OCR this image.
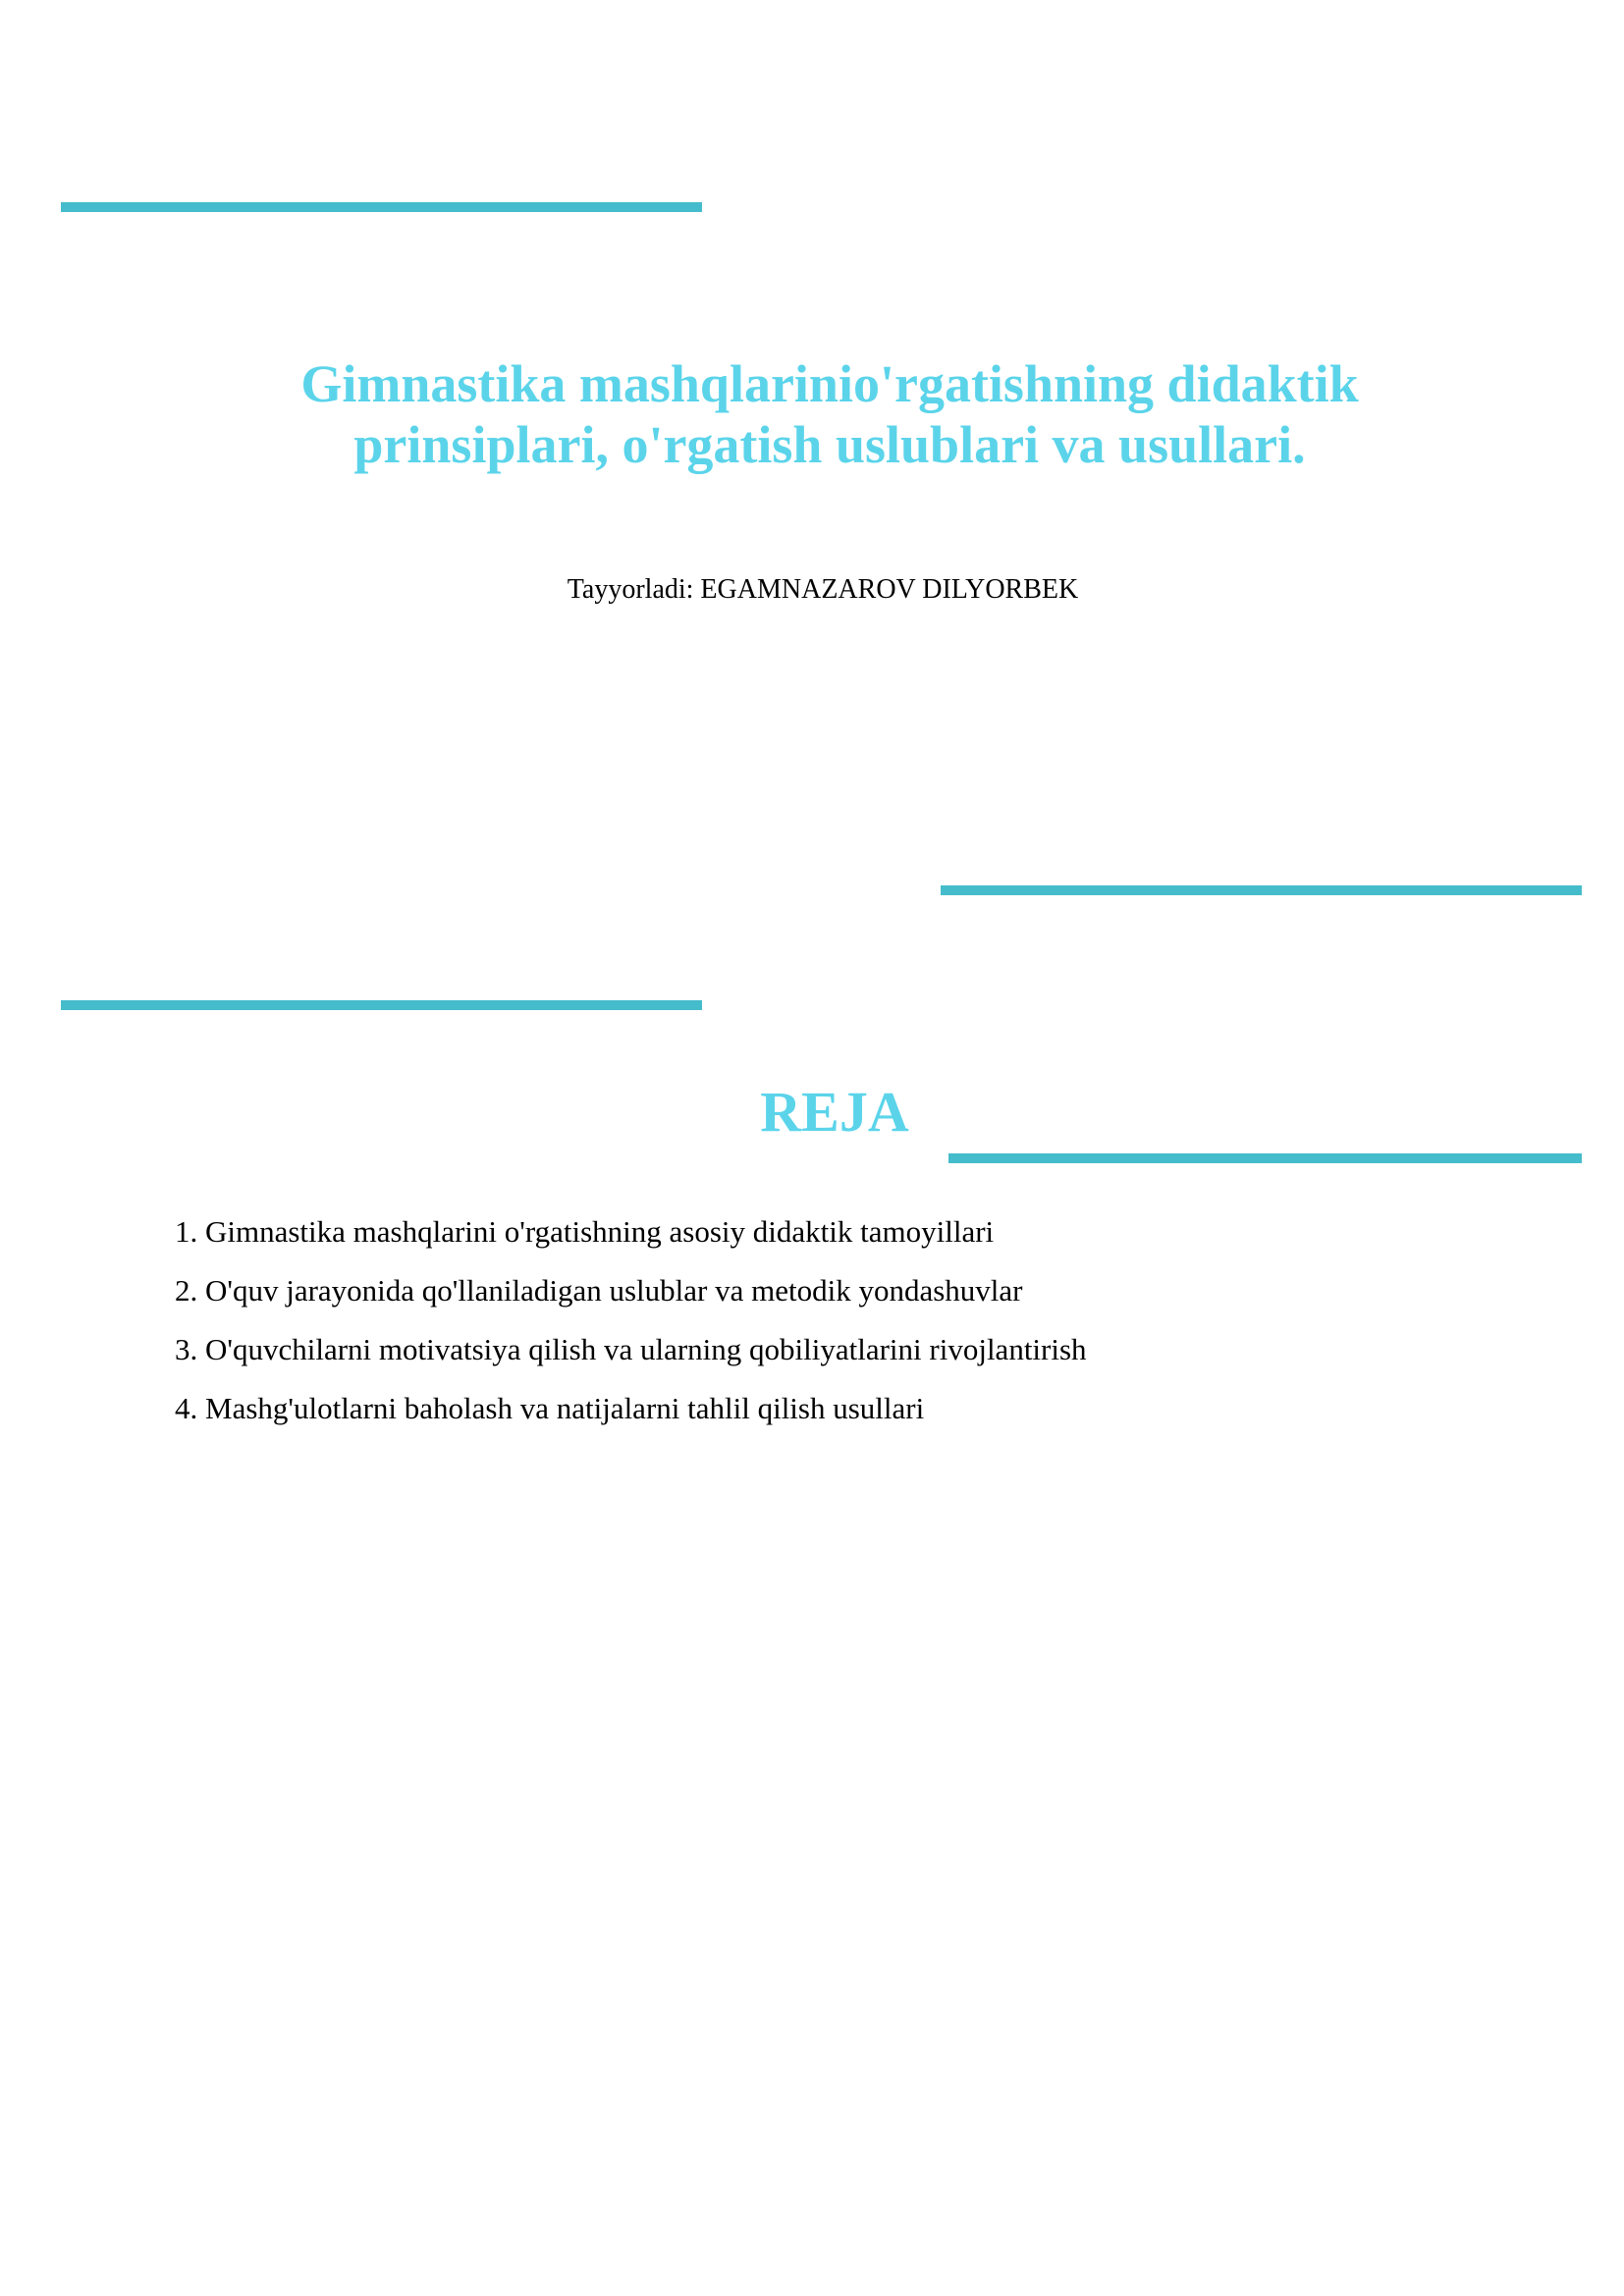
Gimnastika mashqlarinio'rgatishning didaktik
prinsiplari, o'rgatish uslublari va usullari.
Tayyorladi: EGAMNAZAROV DILYORBEK
REJA
1. Gimnastika mashqlarini o'rgatishning asosiy didaktik tamoyillari
2. O'quv jarayonida qo'llaniladigan uslublar va metodik yondashuvlar
3. O'quvchilarni motivatsiya qilish va ularning qobiliyatlarini rivojlantirish
4. Mashg'ulotlarni baholash va natijalarni tahlil qilish usullari
